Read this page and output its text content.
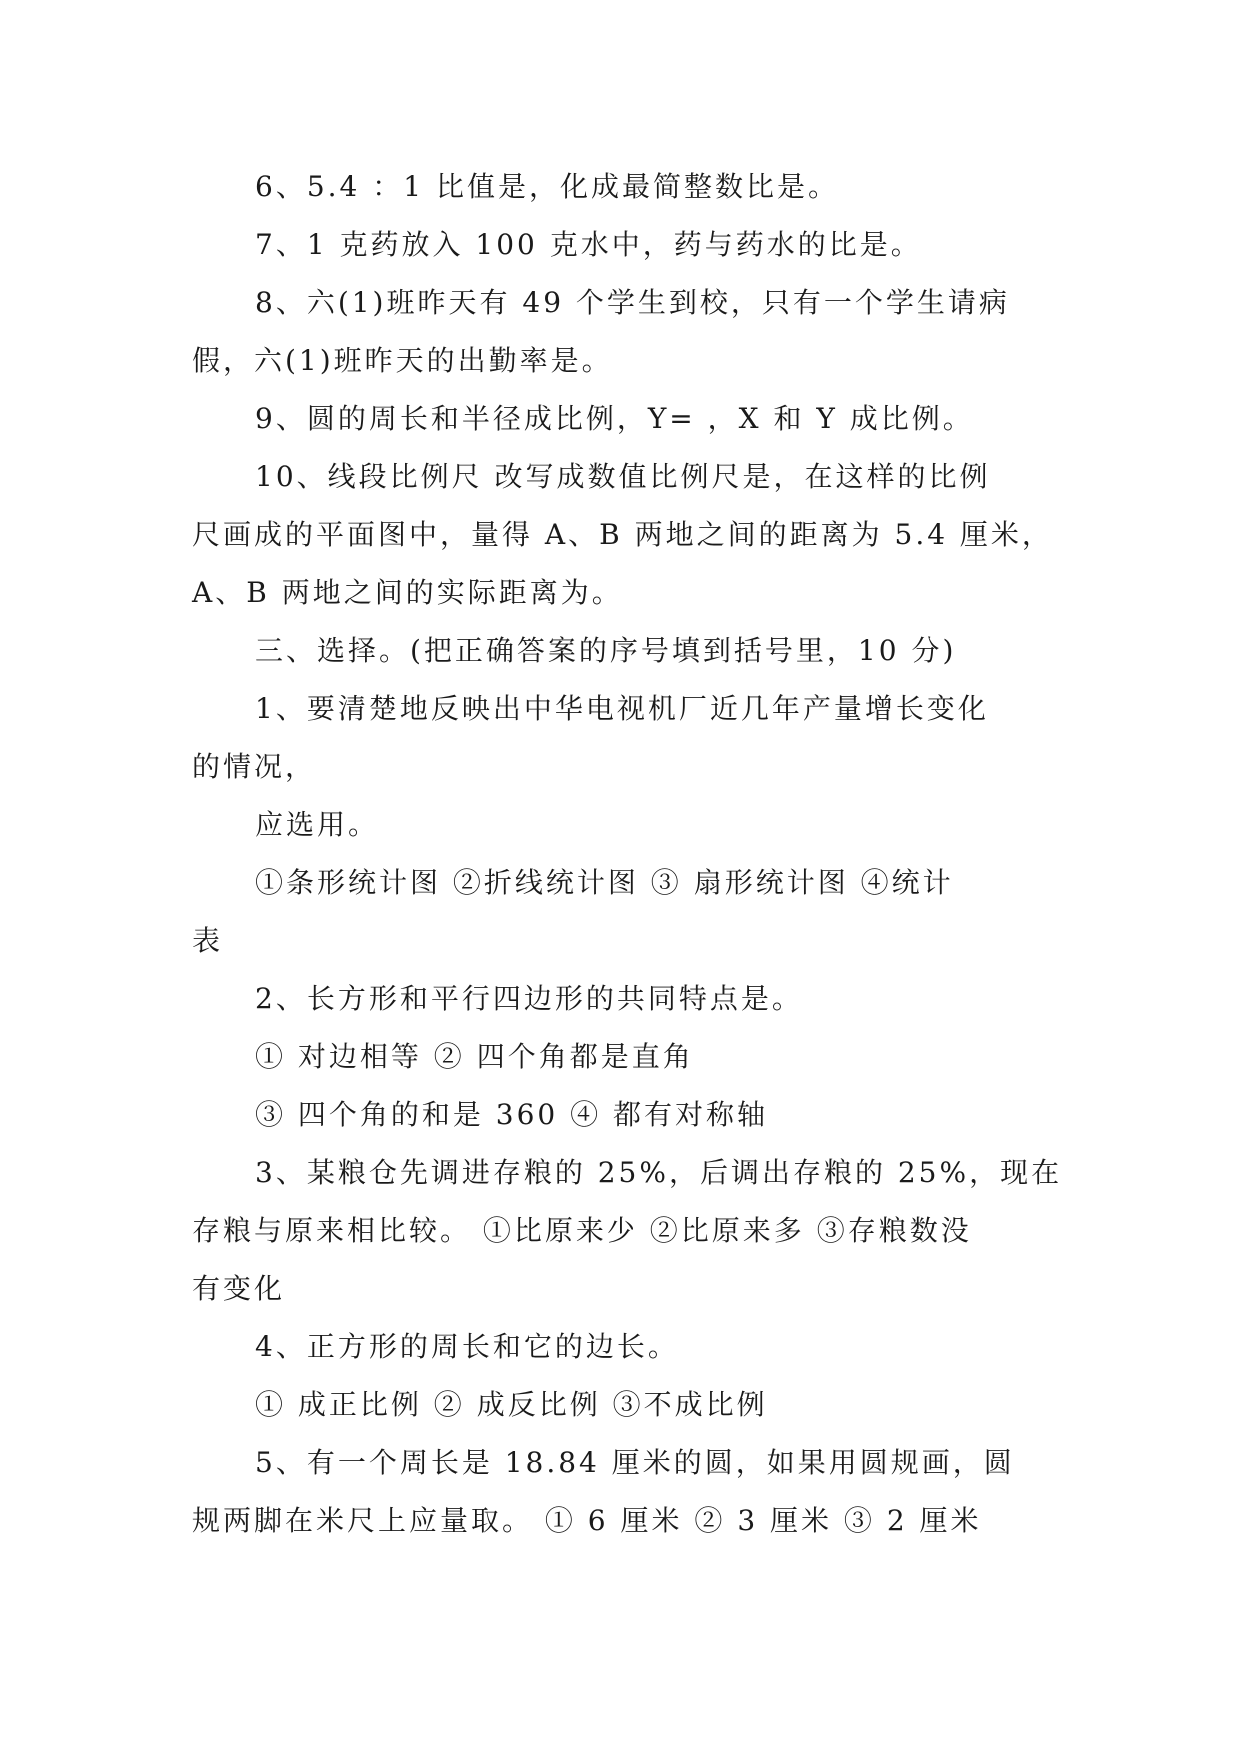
6、5.4 ：1 比值是，化成最简整数比是。
7、1 克药放入 100 克水中，药与药水的比是。
8、六(1)班昨天有 49 个学生到校，只有一个学生请病
假，六(1)班昨天的出勤率是。
9、圆的周长和半径成比例，Y= ，X 和 Y 成比例。
10、线段比例尺 改写成数值比例尺是，在这样的比例
尺画成的平面图中，量得 A、B 两地之间的距离为 5.4 厘米，
A、B 两地之间的实际距离为。
三、选择。(把正确答案的序号填到括号里，10 分)
1、要清楚地反映出中华电视机厂近几年产量增长变化
的情况，
应选用。
①条形统计图 ②折线统计图 ③ 扇形统计图 ④统计
表
2、长方形和平行四边形的共同特点是。
① 对边相等 ② 四个角都是直角
③ 四个角的和是 360 ④ 都有对称轴
3、某粮仓先调进存粮的 25%，后调出存粮的 25%，现在
存粮与原来相比较。 ①比原来少 ②比原来多 ③存粮数没
有变化
4、正方形的周长和它的边长。
① 成正比例 ② 成反比例 ③不成比例
5、有一个周长是 18.84 厘米的圆，如果用圆规画，圆
规两脚在米尺上应量取。 ① 6 厘米 ② 3 厘米 ③ 2 厘米
